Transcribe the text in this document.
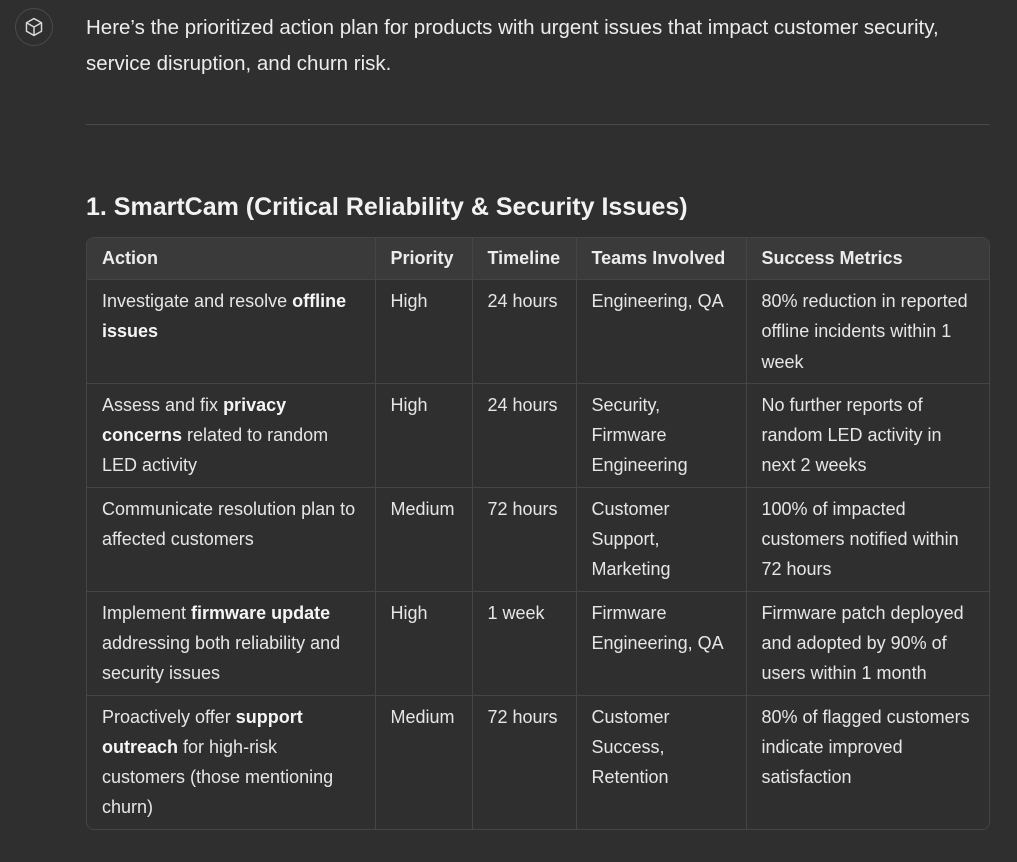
Here’s the prioritized action plan for products with urgent issues that impact customer security, service disruption, and churn risk.

1. SmartCam (Critical Reliability & Security Issues)
Action	Priority	Timeline	Teams Involved	Success Metrics
Investigate and resolve offline issues	High	24 hours	Engineering, QA	80% reduction in reported offline incidents within 1 week
Assess and fix privacy concerns related to random LED activity	High	24 hours	Security, Firmware Engineering	No further reports of random LED activity in next 2 weeks
Communicate resolution plan to affected customers	Medium	72 hours	Customer Support, Marketing	100% of impacted customers notified within 72 hours
Implement firmware update addressing both reliability and security issues	High	1 week	Firmware Engineering, QA	Firmware patch deployed and adopted by 90% of users within 1 month
Proactively offer support outreach for high-risk customers (those mentioning churn)	Medium	72 hours	Customer Success, Retention	80% of flagged customers indicate improved satisfaction
